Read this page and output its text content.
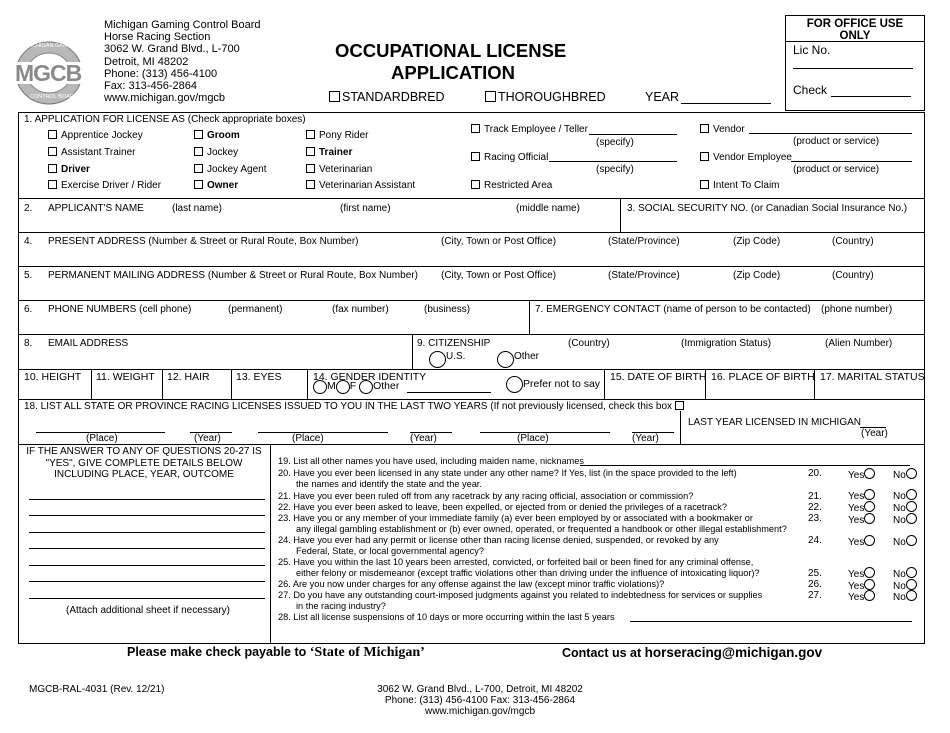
MGCB
MICHIGAN GAMING
CONTROL BOARD
Michigan Gaming Control Board
Horse Racing Section
3062 W. Grand Blvd., L-700
Detroit, MI 48202
Phone: (313) 456-4100
Fax: 313-456-2864
www.michigan.gov/mgcb
OCCUPATIONAL LICENSE
APPLICATION
STANDARDBRED	THOROUGHBRED	YEAR
FOR OFFICE USE ONLY
Lic No.
Check
1. APPLICATION FOR LICENSE AS (Check appropriate boxes)
Apprentice Jockey
Assistant Trainer
Driver
Exercise Driver / Rider
Groom
Jockey
Jockey Agent
Owner
Pony Rider
Trainer
Veterinarian
Veterinarian Assistant
Track Employee / Teller
(specify)
Racing Official
(specify)
Restricted Area
Vendor
(product or service)
Vendor Employee
(product or service)
Intent To Claim
2. APPLICANT'S NAME	(last name)	(first name)	(middle name)	3. SOCIAL SECURITY NO. (or Canadian Social Insurance No.)
4. PRESENT ADDRESS (Number & Street or Rural Route, Box Number)	(City, Town or Post Office)	(State/Province)	(Zip Code)	(Country)
5. PERMANENT MAILING ADDRESS (Number & Street or Rural Route, Box Number) (City, Town or Post Office)	(State/Province)	(Zip Code)	(Country)
6. PHONE NUMBERS (cell phone)	(permanent)	(fax number)	(business)	7. EMERGENCY CONTACT (name of person to be contacted) (phone number)
8. EMAIL ADDRESS	9. CITIZENSHIP	(Country)	(Immigration Status)	(Alien Number)
U.S.	Other
10. HEIGHT 11. WEIGHT 12. HAIR	13. EYES	14. GENDER IDENTITY
M F Other	Prefer not to say
15. DATE OF BIRTH 16. PLACE OF BIRTH 17. MARITAL STATUS
18. LIST ALL STATE OR PROVINCE RACING LICENSES ISSUED TO YOU IN THE LAST TWO YEARS (If not previously licensed, check this box
(Place)	(Year)	(Place)	(Year)	(Place)	(Year)
LAST YEAR LICENSED IN MICHIGAN
(Year)
IF THE ANSWER TO ANY OF QUESTIONS 20-27 IS
"YES", GIVE COMPLETE DETAILS BELOW
INCLUDING PLACE, YEAR, OUTCOME
(Attach additional sheet if necessary)
19. List all other names you have used, including maiden name, nicknames
20. Have you ever been licensed in any state under any other name? If Yes, list (in the space provided to the left)
the names and identify the state and the year.
21. Have you ever been ruled off from any racetrack by any racing official, association or commission?
22. Have you ever been asked to leave, been expelled, or ejected from or denied the privileges of a racetrack?
23. Have you or any member of your immediate family (a) ever been employed by or associated with a bookmaker or
any illegal gambling establishment or (b) ever owned, operated, or frequented a handbook or other illegal establishment?
24. Have you ever had any permit or license other than racing license denied, suspended, or revoked by any
Federal, State, or local governmental agency?
25. Have you within the last 10 years been arrested, convicted, or forfeited bail or been fined for any criminal offense,
either felony or misdemeanor (except traffic violations other than driving under the influence of intoxicating liquor)?
26. Are you now under charges for any offense against the law (except minor traffic violations)?
27. Do you have any outstanding court-imposed judgments against you related to indebtedness for services or supplies
in the racing industry?
28. List all license suspensions of 10 days or more occurring within the last 5 years
20.	Yes	No
21.	Yes	No
22.	Yes	No
23.	Yes	No
24.	Yes	No
25.	Yes	No
26.	Yes	No
27.	Yes	No
Please make check payable to ‘State of Michigan’	Contact us at horseracing@michigan.gov
MGCB-RAL-4031 (Rev. 12/21)	3062 W. Grand Blvd., L-700, Detroit, MI 48202
Phone: (313) 456-4100 Fax: 313-456-2864
www.michigan.gov/mgcb
